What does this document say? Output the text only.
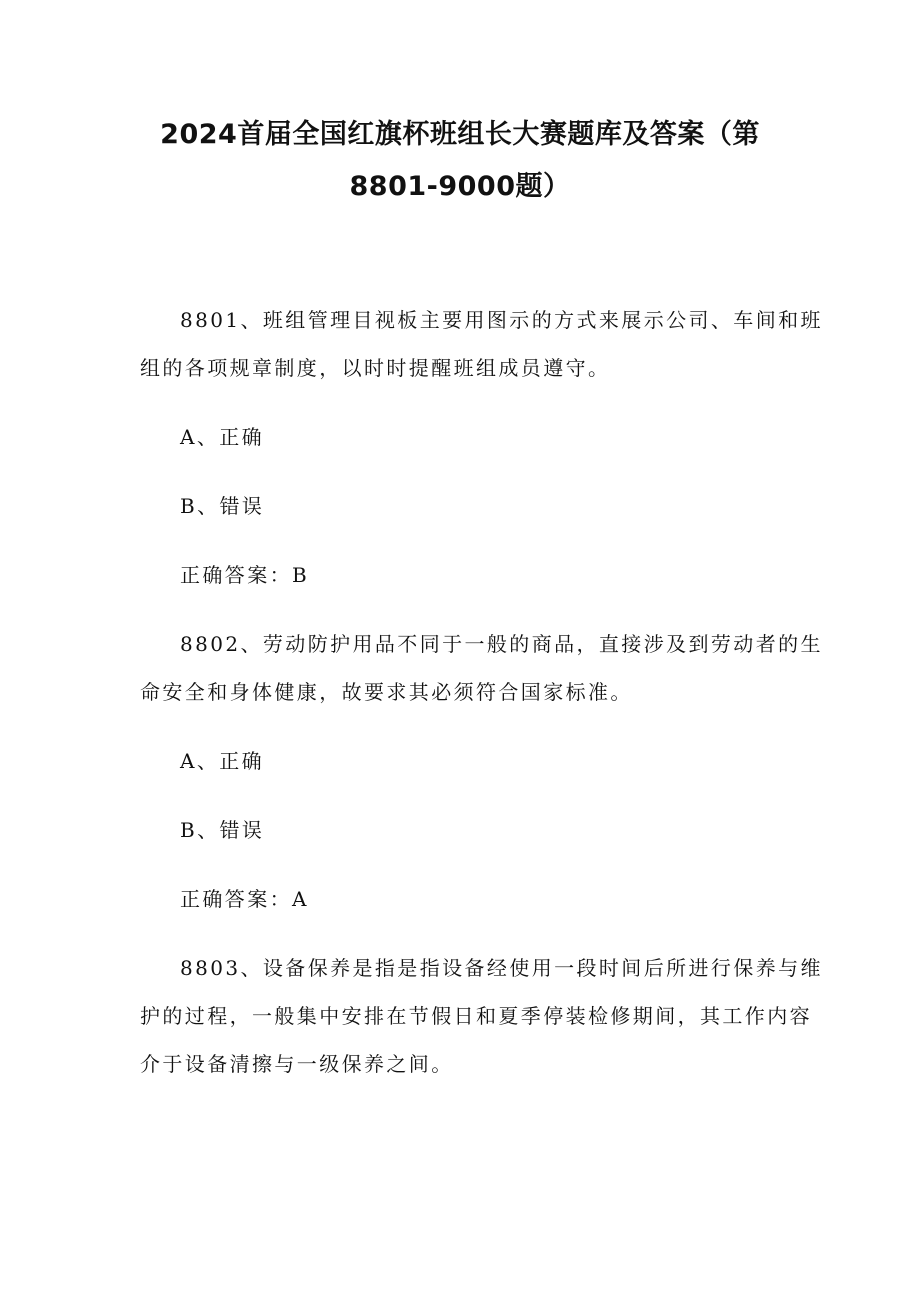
2024首届全国红旗杯班组长大赛题库及答案（第
8801-9000题）

8801、班组管理目视板主要用图示的方式来展示公司、车间和班

组的各项规章制度，以时时提醒班组成员遵守。

A、正确

B、错误

正确答案：B

8802、劳动防护用品不同于一般的商品，直接涉及到劳动者的生

命安全和身体健康，故要求其必须符合国家标准。

A、正确

B、错误

正确答案：A

8803、设备保养是指是指设备经使用一段时间后所进行保养与维

护的过程，一般集中安排在节假日和夏季停装检修期间，其工作内容

介于设备清擦与一级保养之间。
